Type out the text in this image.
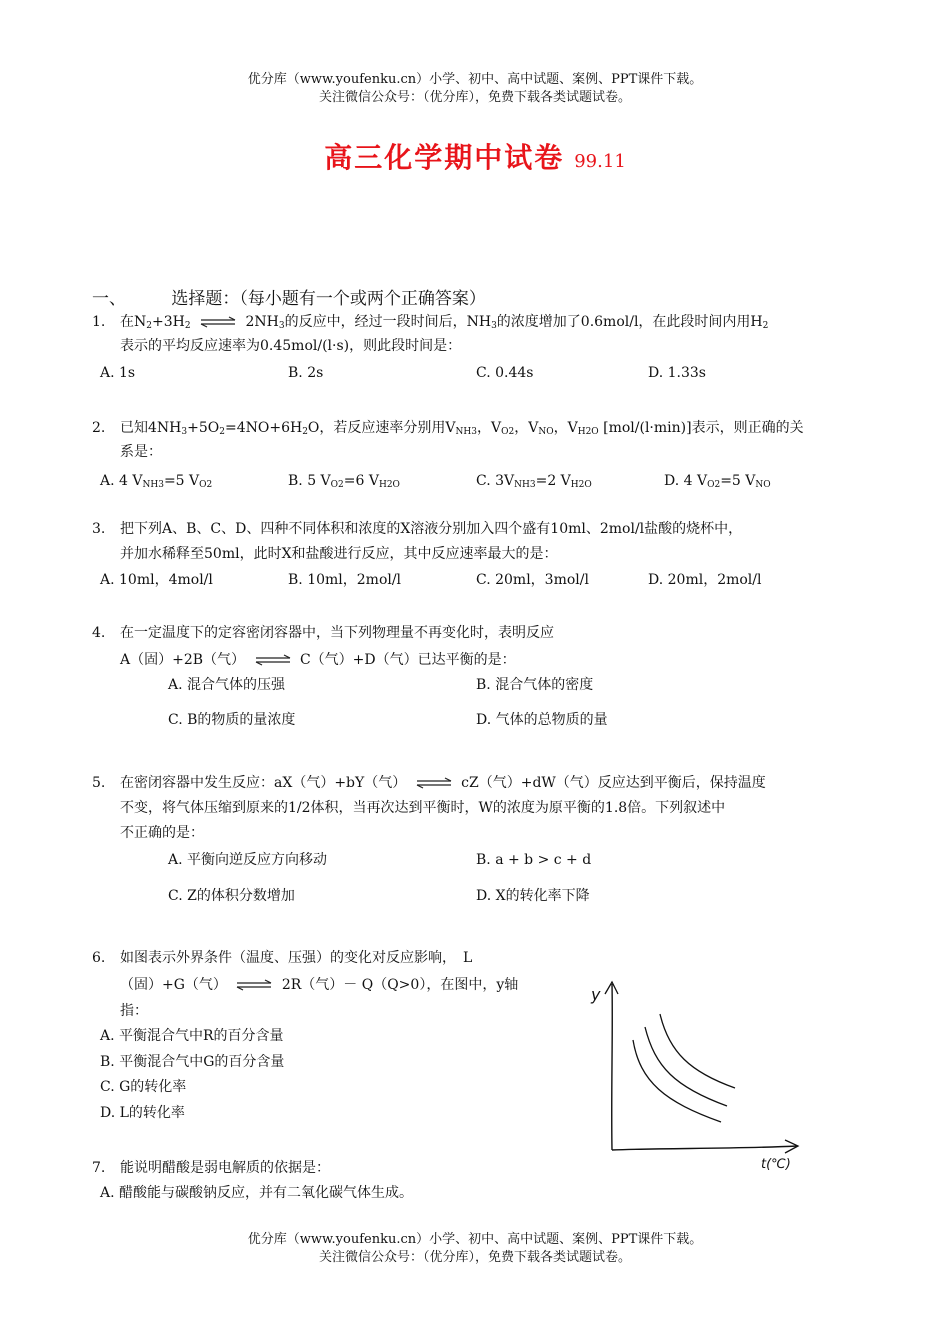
优分库（www.youfenku.cn）小学、初中、高中试题、案例、PPT课件下载。
关注微信公众号：（优分库），免费下载各类试题试卷。
高三化学期中试卷 99.11
一、	选择题：（每小题有一个或两个正确答案）
1. 在$N_2+3H_2$ ⇌ $2NH_3$的反应中，经过一段时间后，$NH_3$的浓度增加了0.6mol/l，在此段时间内用$H_2$
表示的平均反应速率为0.45mol/(l·s)，则此段时间是：
A. 1s	B. 2s	C. 0.44s	D. 1.33s
2. 已知$4NH_3+5O_2=4NO+6H_2O$，若反应速率分别用$V_{NH3}$，$V_{O2}$，$V_{NO}$，$V_{H2O}$ [mol/(l·min)]表示，则正确的关
系是：
A. 4 $V_{NH3}=5$ $V_{O2}$	B. 5 $V_{O2}=6$ $V_{H2O}$	C. $3V_{NH3}=2$ $V_{H2O}$	D. 4 $V_{O2}=5$ $V_{NO}$
3. 把下列A、B、C、D、四种不同体积和浓度的X溶液分别加入四个盛有10ml、2mol/l盐酸的烧杯中，
并加水稀释至50ml，此时X和盐酸进行反应，其中反应速率最大的是：
A. 10ml，4mol/l	B. 10ml，2mol/l	C. 20ml，3mol/l	D. 20ml，2mol/l
4. 在一定温度下的定容密闭容器中，当下列物理量不再变化时，表明反应
A（固）+2B（气） ⇌ C（气）+D（气）已达平衡的是：
A. 混合气体的压强	B. 混合气体的密度
C. B的物质的量浓度	D. 气体的总物质的量
5. 在密闭容器中发生反应：aX（气）+bY（气） ⇌ cZ（气）+dW（气）反应达到平衡后，保持温度
不变，将气体压缩到原来的1/2体积，当再次达到平衡时，W的浓度为原平衡的1.8倍。下列叙述中
不正确的是：
A. 平衡向逆反应方向移动	B. a + b > c + d
C. Z的体积分数增加	D. X的转化率下降
6. 如图表示外界条件（温度、压强）的变化对反应影响，　L
（固）+G（气） ⇌ 2R（气）－ Q（Q>0），在图中，y轴
指：
A. 平衡混合气中R的百分含量
B. 平衡混合气中G的百分含量
C. G的转化率
D. L的转化率
y
t(℃)
7. 能说明醋酸是弱电解质的依据是：
A. 醋酸能与碳酸钠反应，并有二氧化碳气体生成。
优分库（www.youfenku.cn）小学、初中、高中试题、案例、PPT课件下载。
关注微信公众号：（优分库），免费下载各类试题试卷。
